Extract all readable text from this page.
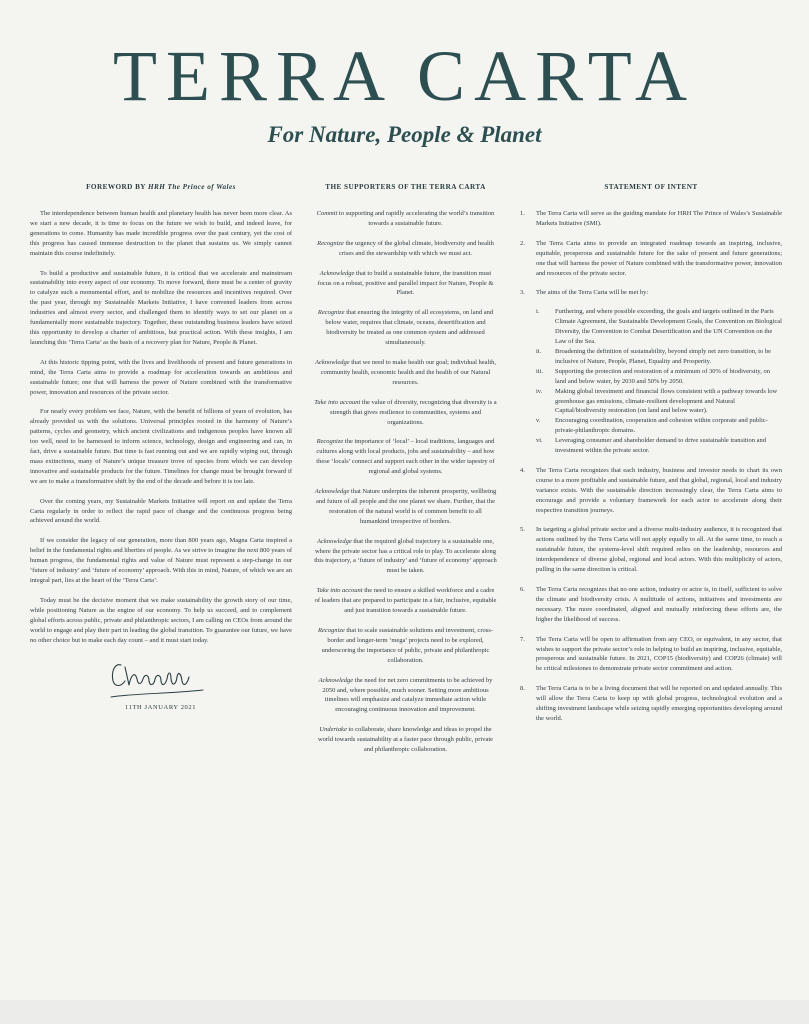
TERRA CARTA
For Nature, People & Planet
FOREWORD BY HRH The Prince of Wales

The interdependence between human health and planetary health has never been more clear. As we start a new decade, it is time to focus on the future we wish to build, and indeed leave, for generations to come. Humanity has made incredible progress over the past century, yet the cost of this progress has caused immense destruction to the planet that sustains us. We simply cannot maintain this course indefinitely.

To build a productive and sustainable future, it is critical that we accelerate and mainstream sustainability into every aspect of our economy. To move forward, there must be a center of gravity to catalyze such a monumental effort, and to mobilize the resources and incentives required. Over the past year, through my Sustainable Markets Initiative, I have convened leaders from across industries and almost every sector, and challenged them to identify ways to set our planet on a fundamentally more sustainable trajectory. Together, these outstanding business leaders have seized this opportunity to develop a charter of ambitious, but practical action. With these insights, I am launching this ‘Terra Carta’ as the basis of a recovery plan for Nature, People & Planet.

At this historic tipping point, with the lives and livelihoods of present and future generations in mind, the Terra Carta aims to provide a roadmap for acceleration towards an ambitious and sustainable future; one that will harness the power of Nature combined with the transformative power, innovation and resources of the private sector.

For nearly every problem we face, Nature, with the benefit of billions of years of evolution, has already provided us with the solutions. Universal principles rooted in the harmony of Nature’s patterns, cycles and geometry, which ancient civilizations and indigenous peoples have known all too well, need to be harnessed to inform science, technology, design and engineering and can, in fact, drive a sustainable future. But time is fast running out and we are rapidly wiping out, through mass extinctions, many of Nature’s unique treasure trove of species from which we can develop innovative and sustainable products for the future. Timelines for change must be brought forward if we are to make a transformative shift by the end of the decade and before it is too late.

Over the coming years, my Sustainable Markets Initiative will report on and update the Terra Carta regularly in order to reflect the rapid pace of change and the continuous progress being achieved around the world.

If we consider the legacy of our generation, more than 800 years ago, Magna Carta inspired a belief in the fundamental rights and liberties of people. As we strive to imagine the next 800 years of human progress, the fundamental rights and value of Nature must represent a step-change in our ‘future of industry’ and ‘future of economy’ approach. With this in mind, Nature, of which we are an integral part, lies at the heart of the ‘Terra Carta’.

Today must be the decisive moment that we make sustainability the growth story of our time, while positioning Nature as the engine of our economy. To help us succeed, and to complement global efforts across public, private and philanthropic sectors, I am calling on CEOs from around the world to engage and play their part in leading the global transition. To guarantee our future, we have no other choice but to make each day count – and it must start today.

11TH JANUARY 2021
THE SUPPORTERS OF THE TERRA CARTA

Commit to supporting and rapidly accelerating the world’s transition towards a sustainable future.

Recognize the urgency of the global climate, biodiversity and health crises and the stewardship with which we must act.

Acknowledge that to build a sustainable future, the transition must focus on a robust, positive and parallel impact for Nature, People & Planet.

Recognize that ensuring the integrity of all ecosystems, on land and below water, requires that climate, oceans, desertification and biodiversity be treated as one common system and addressed simultaneously.

Acknowledge that we need to make health our goal; individual health, community health, economic health and the health of our Natural resources.

Take into account the value of diversity, recognizing that diversity is a strength that gives resilience to communities, systems and organizations.

Recognize the importance of ‘local’ – local traditions, languages and cultures along with local products, jobs and sustainability – and how these ‘locals’ connect and support each other in the wider tapestry of regional and global systems.

Acknowledge that Nature underpins the inherent prosperity, wellbeing and future of all people and the one planet we share. Further, that the restoration of the natural world is of common benefit to all humankind irrespective of borders.

Acknowledge that the required global trajectory is a sustainable one, where the private sector has a critical role to play. To accelerate along this trajectory, a ‘future of industry’ and ‘future of economy’ approach must be taken.

Take into account the need to ensure a skilled workforce and a cadre of leaders that are prepared to participate in a fair, inclusive, equitable and just transition towards a sustainable future.

Recognize that to scale sustainable solutions and investment, cross-border and longer-term ‘mega’ projects need to be explored, underscoring the importance of public, private and philanthropic collaboration.

Acknowledge the need for net zero commitments to be achieved by 2050 and, where possible, much sooner. Setting more ambitious timelines will emphasize and catalyze immediate action while encouraging continuous innovation and improvement.

Undertake to collaborate, share knowledge and ideas to propel the world towards sustainability at a faster pace through public, private and philanthropic collaboration.

STATEMENT OF INTENT
1. The Terra Carta will serve as the guiding mandate for HRH The Prince of Wales’s Sustainable Markets Initiative (SMI).
2. The Terra Carta aims to provide an integrated roadmap towards an inspiring, inclusive, equitable, prosperous and sustainable future for the sake of present and future generations; one that will harness the power of Nature combined with the transformative power, innovation and resources of the private sector.
3. The aims of the Terra Carta will be met by:
i. Furthering, and where possible exceeding, the goals and targets outlined in the Paris Climate Agreement, the Sustainable Development Goals, the Convention on Biological Diversity, the Convention to Combat Desertification and the UN Convention on the Law of the Sea.
ii. Broadening the definition of sustainability, beyond simply net zero transition, to be inclusive of Nature, People, Planet, Equality and Prosperity.
iii. Supporting the protection and restoration of a minimum of 30% of biodiversity, on land and below water, by 2030 and 50% by 2050.
iv. Making global investment and financial flows consistent with a pathway towards low greenhouse gas emissions, climate-resilient development and Natural Capital/biodiversity restoration (on land and below water).
v. Encouraging coordination, cooperation and cohesion within corporate and public-private-philanthropic domains.
vi. Leveraging consumer and shareholder demand to drive sustainable transition and investment within the private sector.
4. The Terra Carta recognizes that each industry, business and investor needs to chart its own course to a more profitable and sustainable future, and that global, regional, local and industry variance exists. With the sustainable direction increasingly clear, the Terra Carta aims to encourage and provide a voluntary framework for each actor to accelerate along their respective transition journeys.
5. In targeting a global private sector and a diverse multi-industry audience, it is recognized that actions outlined by the Terra Carta will not apply equally to all. At the same time, to reach a sustainable future, the systems-level shift required relies on the leadership, resources and interdependence of diverse global, regional and local actors. With this multiplicity of actors, pulling in the same direction is critical.
6. The Terra Carta recognizes that no one action, industry or actor is, in itself, sufficient to solve the climate and biodiversity crisis. A multitude of actions, initiatives and investments are necessary. The more coordinated, aligned and mutually reinforcing these efforts are, the higher the likelihood of success.
7. The Terra Carta will be open to affirmation from any CEO, or equivalent, in any sector, that wishes to support the private sector’s role in helping to build an inspiring, inclusive, equitable, prosperous and sustainable future. In 2021, COP15 (biodiversity) and COP26 (climate) will be critical milestones to demonstrate private sector commitment and action.
8. The Terra Carta is to be a living document that will be reported on and updated annually. This will allow the Terra Carta to keep up with global progress, technological evolution and a shifting investment landscape while seizing rapidly emerging opportunities developing around the world.
